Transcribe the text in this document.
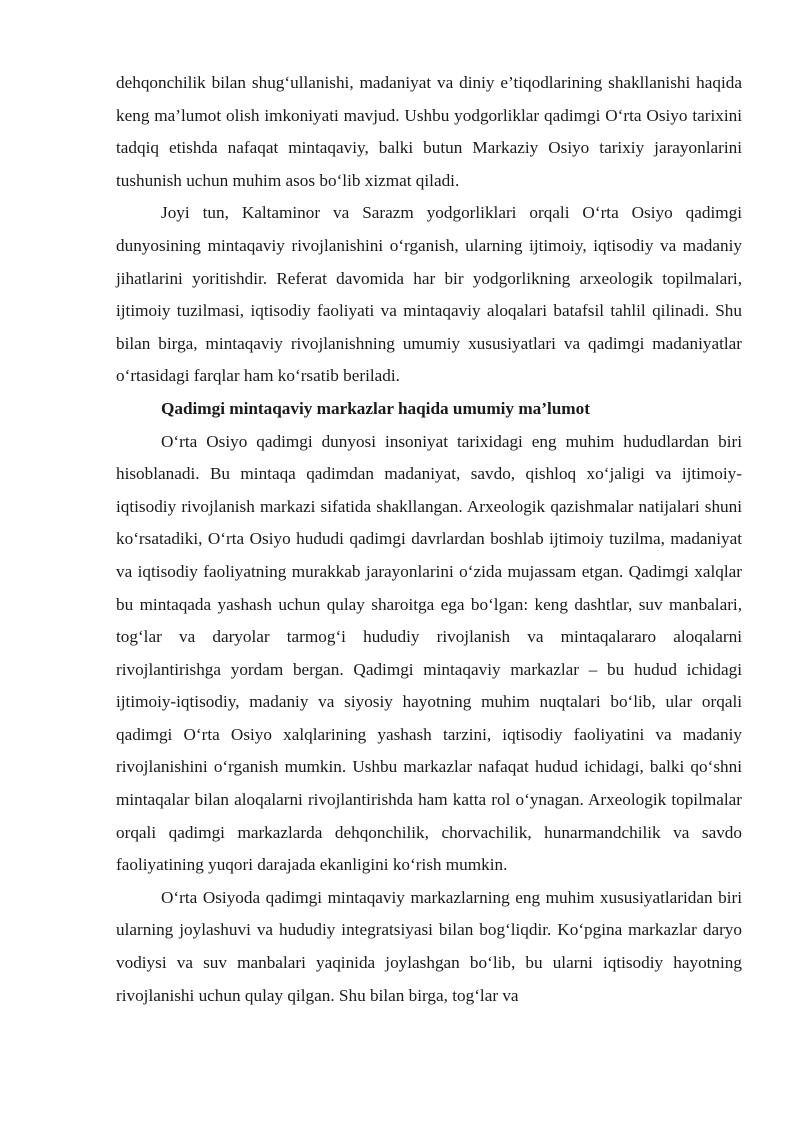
dehqonchilik bilan shugʻullanishi, madaniyat va diniy e’tiqodlarining shakllanishi haqida keng ma’lumot olish imkoniyati mavjud. Ushbu yodgorliklar qadimgi Oʻrta Osiyo tarixini tadqiq etishda nafaqat mintaqaviy, balki butun Markaziy Osiyo tarixiy jarayonlarini tushunish uchun muhim asos boʻlib xizmat qiladi.

Joyi tun, Kaltaminor va Sarazm yodgorliklari orqali Oʻrta Osiyo qadimgi dunyosining mintaqaviy rivojlanishini oʻrganish, ularning ijtimoiy, iqtisodiy va madaniy jihatlarini yoritishdir. Referat davomida har bir yodgorlikning arxeologik topilmalari, ijtimoiy tuzilmasi, iqtisodiy faoliyati va mintaqaviy aloqalari batafsil tahlil qilinadi. Shu bilan birga, mintaqaviy rivojlanishning umumiy xususiyatlari va qadimgi madaniyatlar oʻrtasidagi farqlar ham koʻrsatib beriladi.

Qadimgi mintaqaviy markazlar haqida umumiy ma’lumot

Oʻrta Osiyo qadimgi dunyosi insoniyat tarixidagi eng muhim hududlardan biri hisoblanadi. Bu mintaqa qadimdan madaniyat, savdo, qishloq xoʻjaligi va ijtimoiy-iqtisodiy rivojlanish markazi sifatida shakllangan. Arxeologik qazishmalar natijalari shuni koʻrsatadiki, Oʻrta Osiyo hududi qadimgi davrlardan boshlab ijtimoiy tuzilma, madaniyat va iqtisodiy faoliyatning murakkab jarayonlarini oʻzida mujassam etgan. Qadimgi xalqlar bu mintaqada yashash uchun qulay sharoitga ega boʻlgan: keng dashtlar, suv manbalari, togʻlar va daryolar tarmogʻi hududiy rivojlanish va mintaqalararo aloqalarni rivojlantirishga yordam bergan. Qadimgi mintaqaviy markazlar – bu hudud ichidagi ijtimoiy-iqtisodiy, madaniy va siyosiy hayotning muhim nuqtalari boʻlib, ular orqali qadimgi Oʻrta Osiyo xalqlarining yashash tarzini, iqtisodiy faoliyatini va madaniy rivojlanishini oʻrganish mumkin. Ushbu markazlar nafaqat hudud ichidagi, balki qoʻshni mintaqalar bilan aloqalarni rivojlantirishda ham katta rol oʻynagan. Arxeologik topilmalar orqali qadimgi markazlarda dehqonchilik, chorvachilik, hunarmandchilik va savdo faoliyatining yuqori darajada ekanligini koʻrish mumkin.

Oʻrta Osiyoda qadimgi mintaqaviy markazlarning eng muhim xususiyatlaridan biri ularning joylashuvi va hududiy integratsiyasi bilan bogʻliqdir. Koʻpgina markazlar daryo vodiysi va suv manbalari yaqinida joylashgan boʻlib, bu ularni iqtisodiy hayotning rivojlanishi uchun qulay qilgan. Shu bilan birga, togʻlar va
